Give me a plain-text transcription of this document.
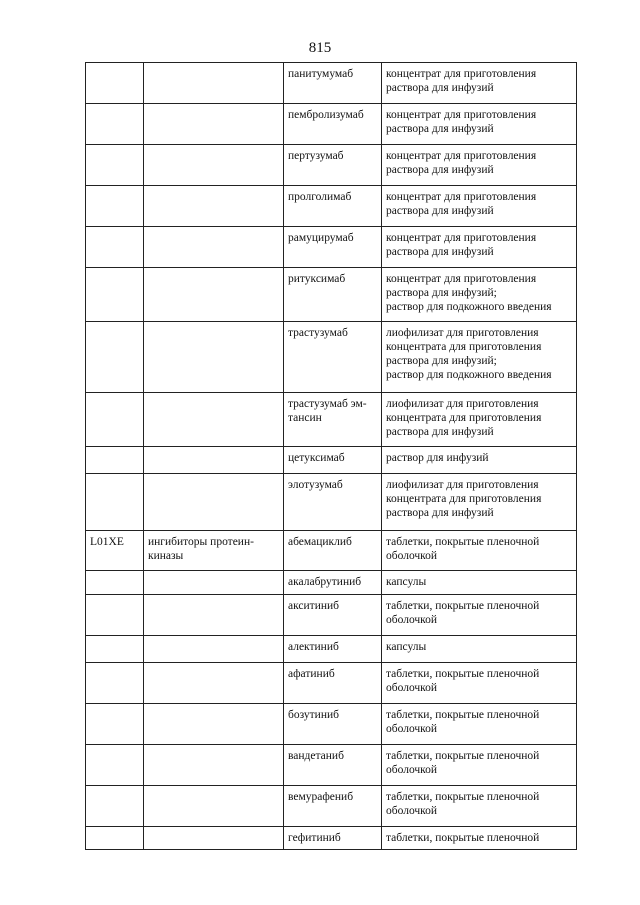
815
		панитумумаб	концентрат для приготовления
раствора для инфузий

		пембролизумаб	концентрат для приготовления
раствора для инфузий

		пертузумаб	концентрат для приготовления
раствора для инфузий

		пролголимаб	концентрат для приготовления
раствора для инфузий

		рамуцирумаб	концентрат для приготовления
раствора для инфузий

		ритуксимаб	концентрат для приготовления
раствора для инфузий;
раствор для подкожного введения

		трастузумаб	лиофилизат для приготовления
концентрата для приготовления
раствора для инфузий;
раствор для подкожного введения

		трастузумаб эм- тансин	лиофилизат для приготовления
концентрата для приготовления
раствора для инфузий

		цетуксимаб	раствор для инфузий

		элотузумаб	лиофилизат для приготовления
концентрата для приготовления
раствора для инфузий

L01XE	ингибиторы протеин- киназы	абемациклиб	таблетки, покрытые пленочной
оболочкой

		акалабрутиниб	капсулы

		акситиниб	таблетки, покрытые пленочной
оболочкой

		алектиниб	капсулы

		афатиниб	таблетки, покрытые пленочной
оболочкой

		бозутиниб	таблетки, покрытые пленочной
оболочкой

		вандетаниб	таблетки, покрытые пленочной
оболочкой

		вемурафениб	таблетки, покрытые пленочной
оболочкой

		гефитиниб	таблетки, покрытые пленочной
